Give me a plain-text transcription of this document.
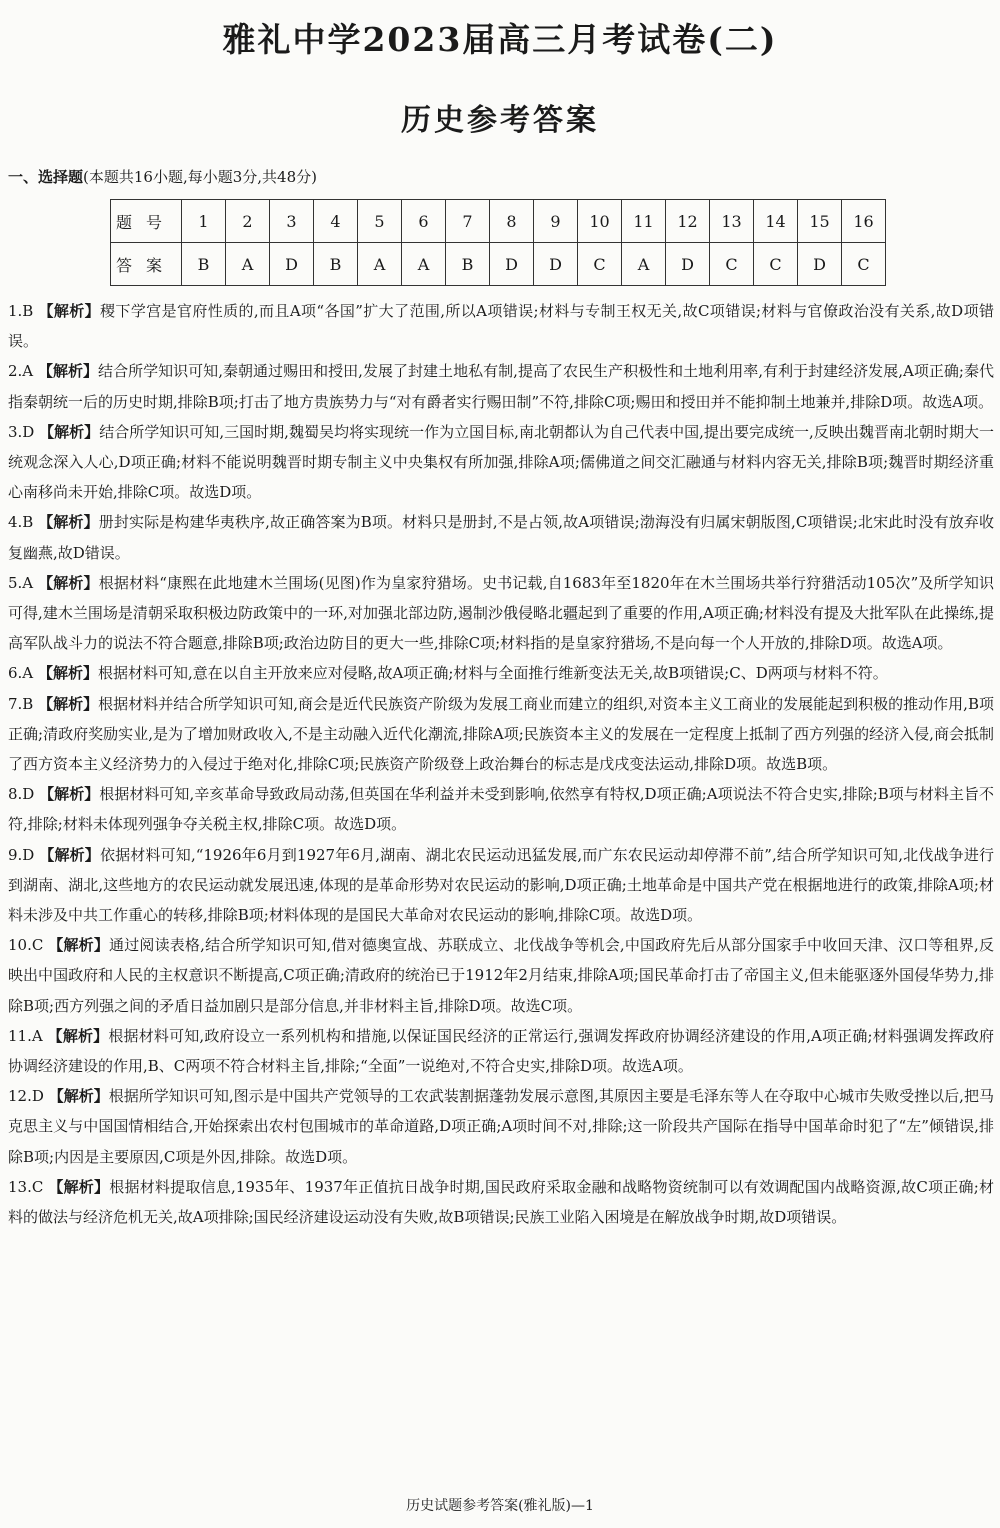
雅礼中学2023届高三月考试卷(二)
历史参考答案
一、选择题(本题共16小题,每小题3分,共48分)
题号	1	2	3	4	5	6	7	8	9	10	11	12	13	14	15	16
答案	B	A	D	B	A	A	B	D	D	C	A	D	C	C	D	C
1.B 【解析】稷下学宫是官府性质的,而且A项“各国”扩大了范围,所以A项错误;材料与专制王权无关,故C项错误;材料与官僚政治没有关系,故D项错误。
2.A 【解析】结合所学知识可知,秦朝通过赐田和授田,发展了封建土地私有制,提高了农民生产积极性和土地利用率,有利于封建经济发展,A项正确;秦代指秦朝统一后的历史时期,排除B项;打击了地方贵族势力与“对有爵者实行赐田制”不符,排除C项;赐田和授田并不能抑制土地兼并,排除D项。故选A项。
3.D 【解析】结合所学知识可知,三国时期,魏蜀吴均将实现统一作为立国目标,南北朝都认为自己代表中国,提出要完成统一,反映出魏晋南北朝时期大一统观念深入人心,D项正确;材料不能说明魏晋时期专制主义中央集权有所加强,排除A项;儒佛道之间交汇融通与材料内容无关,排除B项;魏晋时期经济重心南移尚未开始,排除C项。故选D项。
4.B 【解析】册封实际是构建华夷秩序,故正确答案为B项。材料只是册封,不是占领,故A项错误;渤海没有归属宋朝版图,C项错误;北宋此时没有放弃收复幽燕,故D错误。
5.A 【解析】根据材料“康熙在此地建木兰围场(见图)作为皇家狩猎场。史书记载,自1683年至1820年在木兰围场共举行狩猎活动105次”及所学知识可得,建木兰围场是清朝采取积极边防政策中的一环,对加强北部边防,遏制沙俄侵略北疆起到了重要的作用,A项正确;材料没有提及大批军队在此操练,提高军队战斗力的说法不符合题意,排除B项;政治边防目的更大一些,排除C项;材料指的是皇家狩猎场,不是向每一个人开放的,排除D项。故选A项。
6.A 【解析】根据材料可知,意在以自主开放来应对侵略,故A项正确;材料与全面推行维新变法无关,故B项错误;C、D两项与材料不符。
7.B 【解析】根据材料并结合所学知识可知,商会是近代民族资产阶级为发展工商业而建立的组织,对资本主义工商业的发展能起到积极的推动作用,B项正确;清政府奖励实业,是为了增加财政收入,不是主动融入近代化潮流,排除A项;民族资本主义的发展在一定程度上抵制了西方列强的经济入侵,商会抵制了西方资本主义经济势力的入侵过于绝对化,排除C项;民族资产阶级登上政治舞台的标志是戊戌变法运动,排除D项。故选B项。
8.D 【解析】根据材料可知,辛亥革命导致政局动荡,但英国在华利益并未受到影响,依然享有特权,D项正确;A项说法不符合史实,排除;B项与材料主旨不符,排除;材料未体现列强争夺关税主权,排除C项。故选D项。
9.D 【解析】依据材料可知,“1926年6月到1927年6月,湖南、湖北农民运动迅猛发展,而广东农民运动却停滞不前”,结合所学知识可知,北伐战争进行到湖南、湖北,这些地方的农民运动就发展迅速,体现的是革命形势对农民运动的影响,D项正确;土地革命是中国共产党在根据地进行的政策,排除A项;材料未涉及中共工作重心的转移,排除B项;材料体现的是国民大革命对农民运动的影响,排除C项。故选D项。
10.C 【解析】通过阅读表格,结合所学知识可知,借对德奥宣战、苏联成立、北伐战争等机会,中国政府先后从部分国家手中收回天津、汉口等租界,反映出中国政府和人民的主权意识不断提高,C项正确;清政府的统治已于1912年2月结束,排除A项;国民革命打击了帝国主义,但未能驱逐外国侵华势力,排除B项;西方列强之间的矛盾日益加剧只是部分信息,并非材料主旨,排除D项。故选C项。
11.A 【解析】根据材料可知,政府设立一系列机构和措施,以保证国民经济的正常运行,强调发挥政府协调经济建设的作用,A项正确;材料强调发挥政府协调经济建设的作用,B、C两项不符合材料主旨,排除;“全面”一说绝对,不符合史实,排除D项。故选A项。
12.D 【解析】根据所学知识可知,图示是中国共产党领导的工农武装割据蓬勃发展示意图,其原因主要是毛泽东等人在夺取中心城市失败受挫以后,把马克思主义与中国国情相结合,开始探索出农村包围城市的革命道路,D项正确;A项时间不对,排除;这一阶段共产国际在指导中国革命时犯了“左”倾错误,排除B项;内因是主要原因,C项是外因,排除。故选D项。
13.C 【解析】根据材料提取信息,1935年、1937年正值抗日战争时期,国民政府采取金融和战略物资统制可以有效调配国内战略资源,故C项正确;材料的做法与经济危机无关,故A项排除;国民经济建设运动没有失败,故B项错误;民族工业陷入困境是在解放战争时期,故D项错误。
历史试题参考答案(雅礼版)—1
